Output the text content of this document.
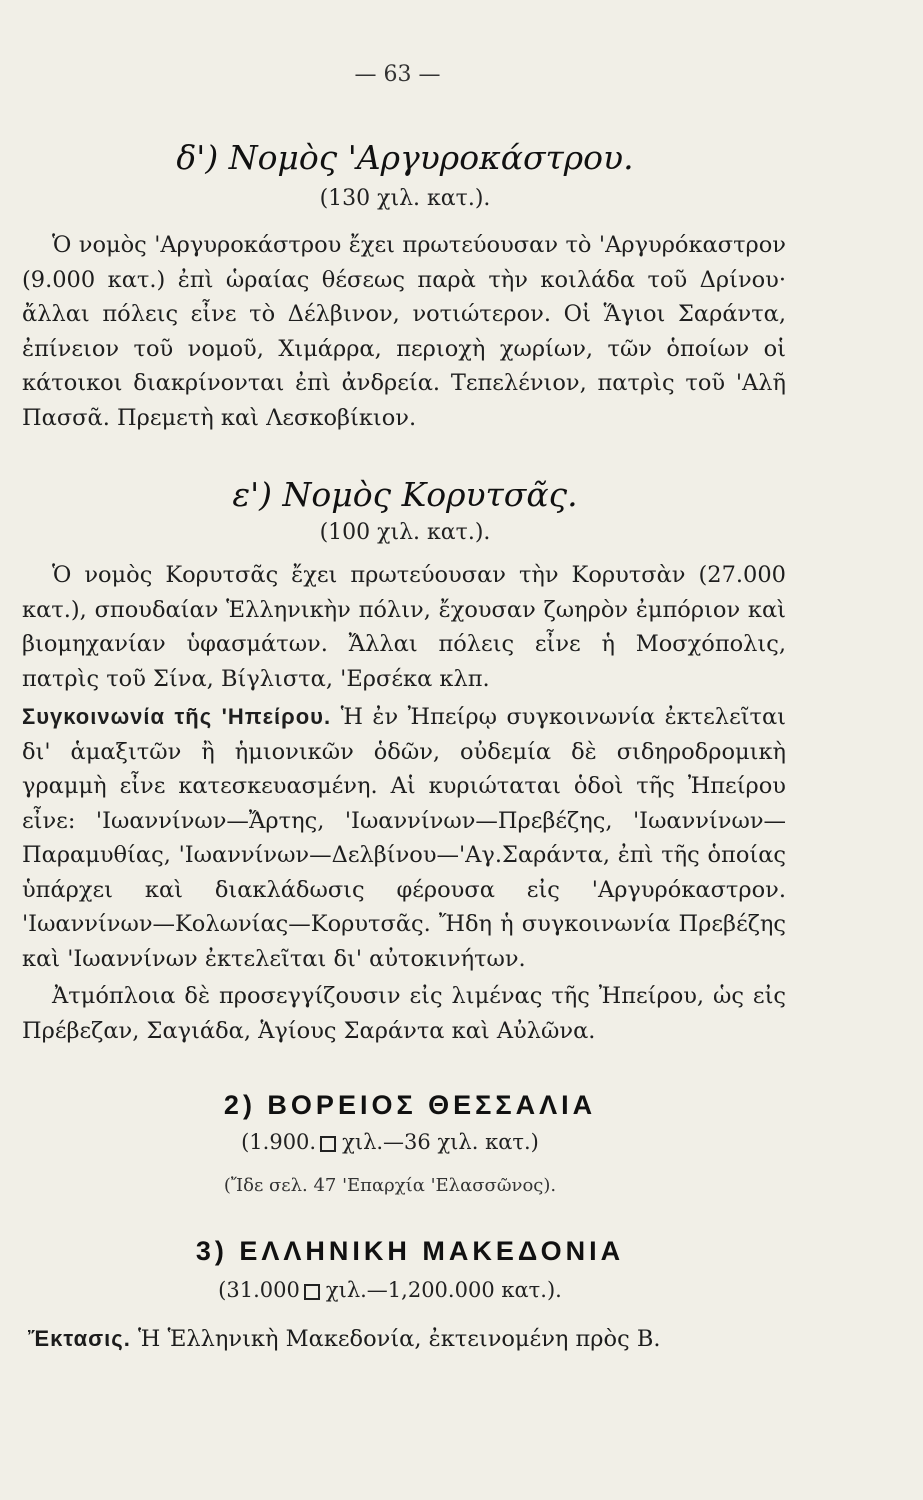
— 63 —
δ') Νομὸς 'Αργυροκάστρου.
(130 χιλ. κατ.).

Ὁ νομὸς 'Αργυροκάστρου ἔχει πρωτεύουσαν τὸ 'Αργυρόκαστρον (9.000 κατ.) ἐπὶ ὡραίας θέσεως παρὰ τὴν κοιλάδα τοῦ Δρίνου· ἄλλαι πόλεις εἶνε τὸ Δέλβινον, νοτιώτερον. Οἱ Ἅγιοι Σαράντα, ἐπίνειον τοῦ νομοῦ, Χιμάρρα, περιοχὴ χωρίων, τῶν ὁποίων οἱ κάτοικοι διακρίνονται ἐπὶ ἀνδρεία. Τεπελένιον, πατρὶς τοῦ 'Αλῆ Πασσᾶ. Πρεμετὴ καὶ Λεσκοβίκιον.

ε') Νομὸς Κορυτσᾶς.
(100 χιλ. κατ.).

Ὁ νομὸς Κορυτσᾶς ἔχει πρωτεύουσαν τὴν Κορυτσὰν (27.000 κατ.), σπουδαίαν Ἑλληνικὴν πόλιν, ἔχουσαν ζωηρὸν ἐμπόριον καὶ βιομηχανίαν ὑφασμάτων. Ἄλλαι πόλεις εἶνε ἡ Μοσχόπολις, πατρὶς τοῦ Σίνα, Βίγλιστα, 'Ερσέκα κλπ.

Συγκοινωνία τῆς 'Ηπείρου. Ἡ ἐν Ἠπείρῳ συγκοινωνία ἐκτελεῖται δι' ἁμαξιτῶν ἢ ἡμιονικῶν ὁδῶν, οὐδεμία δὲ σιδηροδρομικὴ γραμμὴ εἶνε κατεσκευασμένη. Αἱ κυριώταται ὁδοὶ τῆς Ἠπείρου εἶνε: 'Ιωαννίνων—Ἄρτης, 'Ιωαννίνων—Πρεβέζης, 'Ιωαννίνων—Παραμυθίας, 'Ιωαννίνων—Δελβίνου—'Αγ.Σαράντα, ἐπὶ τῆς ὁποίας ὑπάρχει καὶ διακλάδωσις φέρουσα εἰς 'Αργυρόκαστρον. 'Ιωαννίνων—Κολωνίας—Κορυτσᾶς. Ἤδη ἡ συγκοινωνία Πρεβέζης καὶ 'Ιωαννίνων ἐκτελεῖται δι' αὐτοκινήτων.

Ἀτμόπλοια δὲ προσεγγίζουσιν εἰς λιμένας τῆς Ἠπείρου, ὡς εἰς Πρέβεζαν, Σαγιάδα, Ἁγίους Σαράντα καὶ Αὐλῶνα.

2) ΒΟΡΕΙΟΣ ΘΕΣΣΑΛΙΑ
(1.900. χιλ.—36 χιλ. κατ.)
(Ἴδε σελ. 47 'Επαρχία 'Ελασσῶνος).
3) ΕΛΛΗΝΙΚΗ ΜΑΚΕΔΟΝΙΑ
(31.000 χιλ.—1,200.000 κατ.).
Ἔκτασις. Ἡ Ἑλληνικὴ Μακεδονία, ἐκτεινομένη πρὸς Β.
